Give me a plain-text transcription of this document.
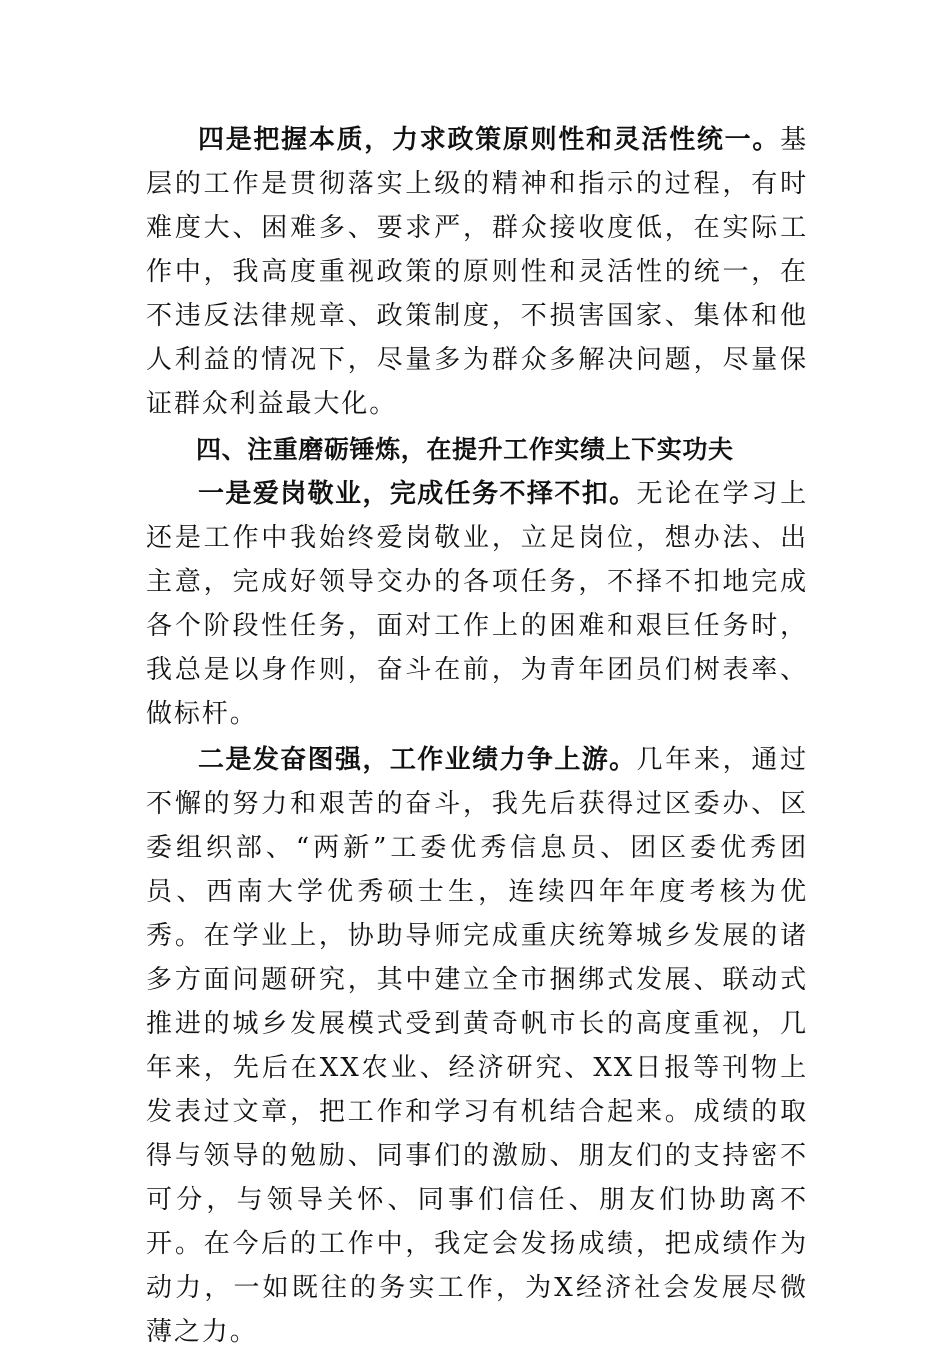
四是把握本质，力求政策原则性和灵活性统一。基层的工作是贯彻落实上级的精神和指示的过程，有时难度大、困难多、要求严，群众接收度低，在实际工作中，我高度重视政策的原则性和灵活性的统一，在不违反法律规章、政策制度，不损害国家、集体和他人利益的情况下，尽量多为群众多解决问题，尽量保证群众利益最大化。

四、注重磨砺锤炼，在提升工作实绩上下实功夫

一是爱岗敬业，完成任务不择不扣。无论在学习上还是工作中我始终爱岗敬业，立足岗位，想办法、出主意，完成好领导交办的各项任务，不择不扣地完成各个阶段性任务，面对工作上的困难和艰巨任务时，我总是以身作则，奋斗在前，为青年团员们树表率、做标杆。

二是发奋图强，工作业绩力争上游。几年来，通过不懈的努力和艰苦的奋斗，我先后获得过区委办、区委组织部、“两新”工委优秀信息员、团区委优秀团员、西南大学优秀硕士生，连续四年年度考核为优秀。在学业上，协助导师完成重庆统筹城乡发展的诸多方面问题研究，其中建立全市捆绑式发展、联动式推进的城乡发展模式受到黄奇帆市长的高度重视，几年来，先后在XX农业、经济研究、XX日报等刊物上发表过文章，把工作和学习有机结合起来。成绩的取得与领导的勉励、同事们的激励、朋友们的支持密不可分，与领导关怀、同事们信任、朋友们协助离不开。在今后的工作中，我定会发扬成绩，把成绩作为动力，一如既往的务实工作，为X经济社会发展尽微薄之力。
